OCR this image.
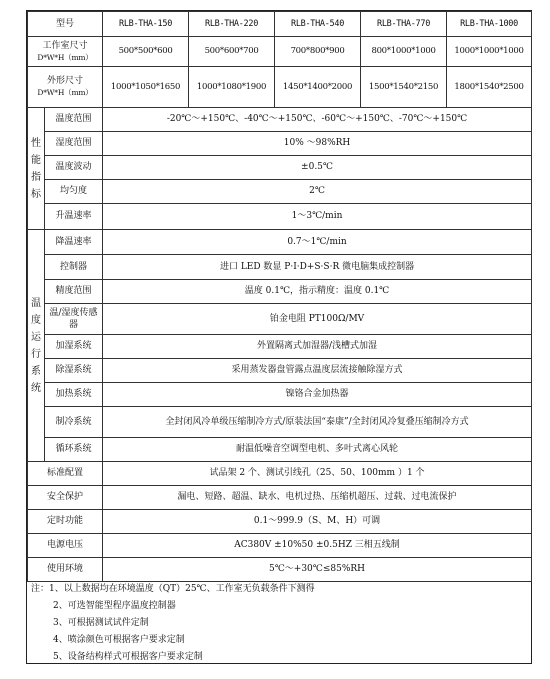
型号		RLB-THA-150	RLB-THA-220	RLB-THA-540	RLB-THA-770	RLB-THA-1000

工作室尺寸
D*W*H（mm）		500*500*600	500*600*700	700*800*900	800*1000*1000	1000*1000*1000

外形尺寸
D*W*H（mm）		1000*1050*1650	1000*1080*1900	1450*1400*2000	1500*1540*2150	1800*1540*2500
性能指标	温度范围	-20℃～+150℃、-40℃～+150℃、-60℃～+150℃、-70℃～+150℃				
	湿度范围	10% ～98%RH				
	温度波动	±0.5℃				
	均匀度	2℃				
	升温速率	1～3℃/min				
温度运行系统	降温速率	0.7～1℃/min				
	控制器	进口 LED 数显 P·I·D+S·S·R 微电脑集成控制器				
	精度范围	温度 0.1℃，指示精度：温度 0.1℃				
	温/湿度传感器	铂金电阻 PT100Ω/MV				
	加湿系统	外置隔离式加湿器/浅槽式加湿				
	除湿系统	采用蒸发器盘管露点温度层流接触除湿方式				
	加热系统	镍铬合金加热器				
	制冷系统	全封闭风冷单级压缩制冷方式/原装法国“泰康”/全封闭风冷复叠压缩制冷方式				
	循环系统	耐温低噪音空调型电机、多叶式离心风轮				
标准配置		试品架 2 个、测试引线孔（25、50、100mm ）1 个				
安全保护		漏电、短路、超温、缺水、电机过热、压缩机超压、过载、过电流保护				
定时功能		0.1～999.9（S、M、H）可调				
电源电压		AC380V ±10%50 ±0.5HZ 三相五线制				
使用环境		5℃～+30℃≤85%RH				
注：1、以上数据均在环境温度（QT）25℃、工作室无负载条件下测得
2、可选智能型程序温度控制器
3、可根据测试试件定制
4、喷涂颜色可根据客户要求定制
5、设备结构样式可根据客户要求定制
